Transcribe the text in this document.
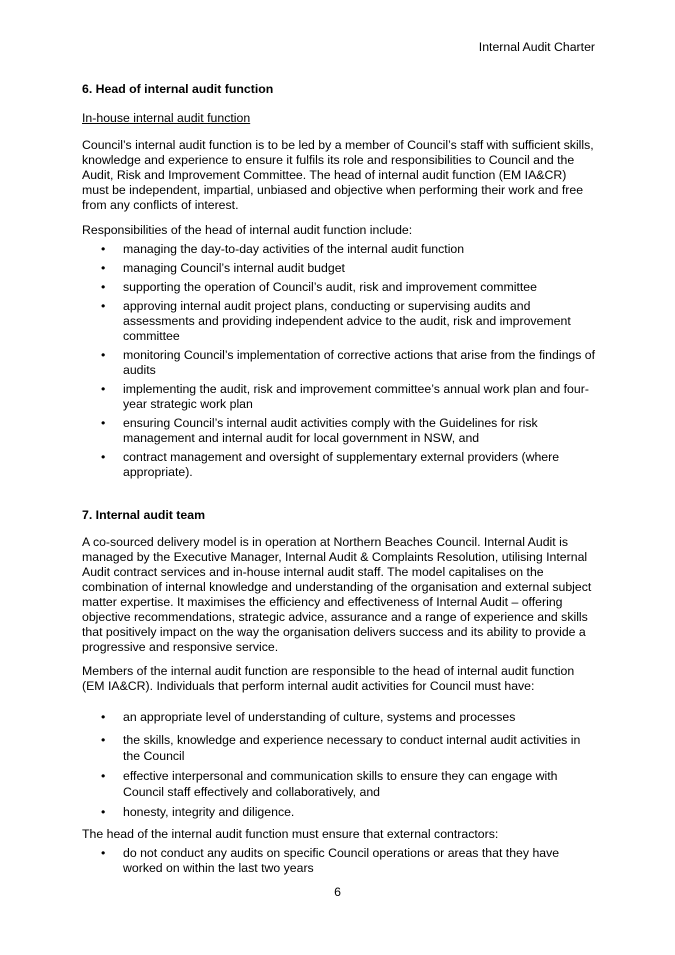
Internal Audit Charter
6. Head of internal audit function

In-house internal audit function

Council’s internal audit function is to be led by a member of Council’s staff with sufficient skills, knowledge and experience to ensure it fulfils its role and responsibilities to Council and the Audit, Risk and Improvement Committee. The head of internal audit function (EM IA&CR) must be independent, impartial, unbiased and objective when performing their work and free from any conflicts of interest.

Responsibilities of the head of internal audit function include:

• managing the day-to-day activities of the internal audit function
• managing Council’s internal audit budget
• supporting the operation of Council’s audit, risk and improvement committee
• approving internal audit project plans, conducting or supervising audits and assessments and providing independent advice to the audit, risk and improvement committee
• monitoring Council’s implementation of corrective actions that arise from the findings of audits
• implementing the audit, risk and improvement committee’s annual work plan and four-year strategic work plan
• ensuring Council’s internal audit activities comply with the Guidelines for risk management and internal audit for local government in NSW, and
• contract management and oversight of supplementary external providers (where appropriate).
7. Internal audit team

A co-sourced delivery model is in operation at Northern Beaches Council. Internal Audit is managed by the Executive Manager, Internal Audit & Complaints Resolution, utilising Internal Audit contract services and in-house internal audit staff. The model capitalises on the combination of internal knowledge and understanding of the organisation and external subject matter expertise. It maximises the efficiency and effectiveness of Internal Audit – offering objective recommendations, strategic advice, assurance and a range of experience and skills that positively impact on the way the organisation delivers success and its ability to provide a progressive and responsive service.

Members of the internal audit function are responsible to the head of internal audit function (EM IA&CR). Individuals that perform internal audit activities for Council must have:

• an appropriate level of understanding of culture, systems and processes
• the skills, knowledge and experience necessary to conduct internal audit activities in the Council
• effective interpersonal and communication skills to ensure they can engage with Council staff effectively and collaboratively, and
• honesty, integrity and diligence.

The head of the internal audit function must ensure that external contractors:

• do not conduct any audits on specific Council operations or areas that they have worked on within the last two years
6
